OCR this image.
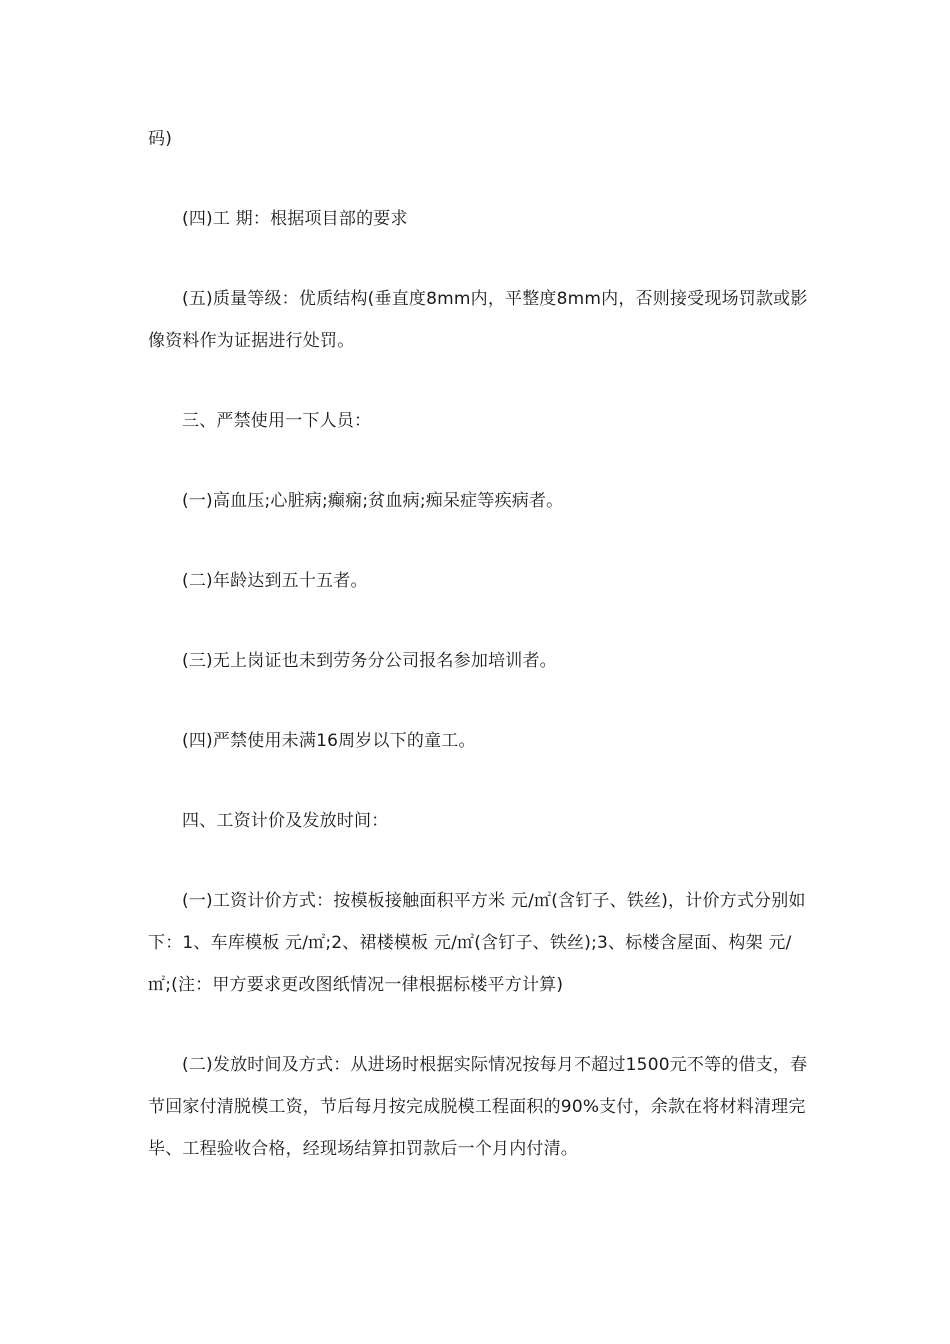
码)

(四)工 期：根据项目部的要求

(五)质量等级：优质结构(垂直度8mm内，平整度8mm内，否则接受现场罚款或影像资料作为证据进行处罚。

三、严禁使用一下人员：

(一)高血压;心脏病;癫痫;贫血病;痴呆症等疾病者。

(二)年龄达到五十五者。

(三)无上岗证也未到劳务分公司报名参加培训者。

(四)严禁使用未满16周岁以下的童工。

四、工资计价及发放时间：

(一)工资计价方式：按模板接触面积平方米 元/㎡(含钉子、铁丝)，计价方式分别如下：1、车库模板 元/㎡;2、裙楼模板 元/㎡(含钉子、铁丝);3、标楼含屋面、构架 元/㎡;(注：甲方要求更改图纸情况一律根据标楼平方计算)

(二)发放时间及方式：从进场时根据实际情况按每月不超过1500元不等的借支，春节回家付清脱模工资，节后每月按完成脱模工程面积的90%支付，余款在将材料清理完毕、工程验收合格，经现场结算扣罚款后一个月内付清。
